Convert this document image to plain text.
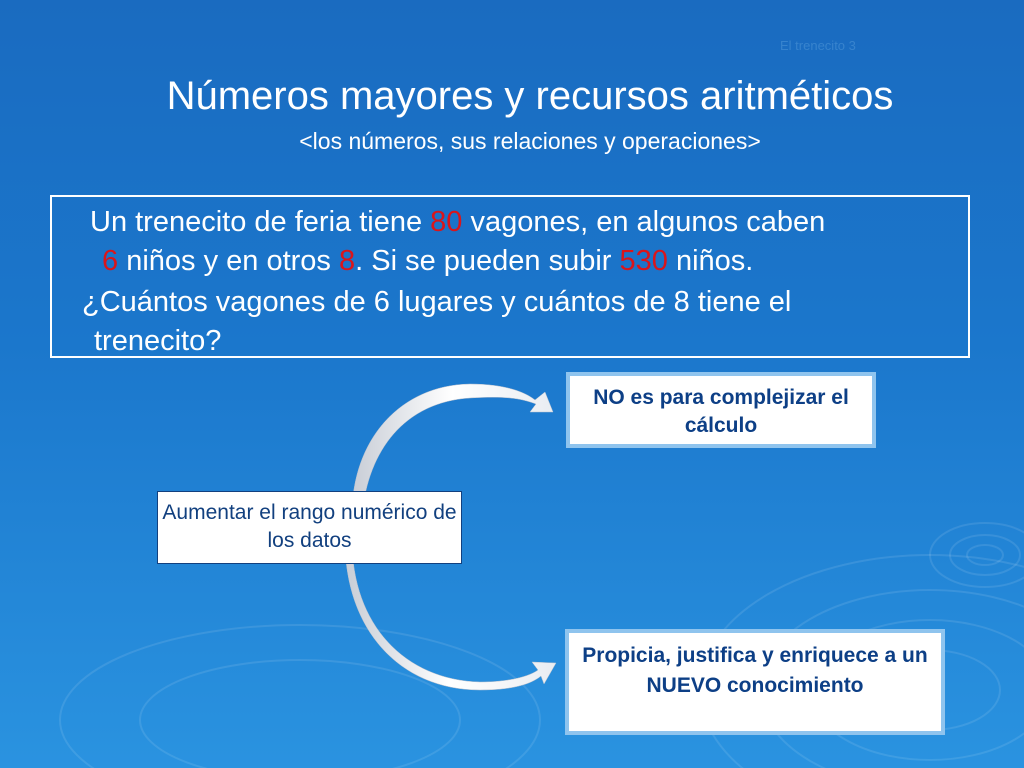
El trenecito 3
Números mayores y recursos aritméticos
<los números, sus relaciones y operaciones>
Un trenecito de feria tiene 80 vagones, en algunos caben
6 niños y en otros 8. Si se pueden subir 530 niños.
¿Cuántos vagones de 6 lugares y cuántos de 8 tiene el
trenecito?
NO es para complejizar el cálculo
Aumentar el rango numérico de los datos
Propicia, justifica y enriquece a un NUEVO conocimiento
